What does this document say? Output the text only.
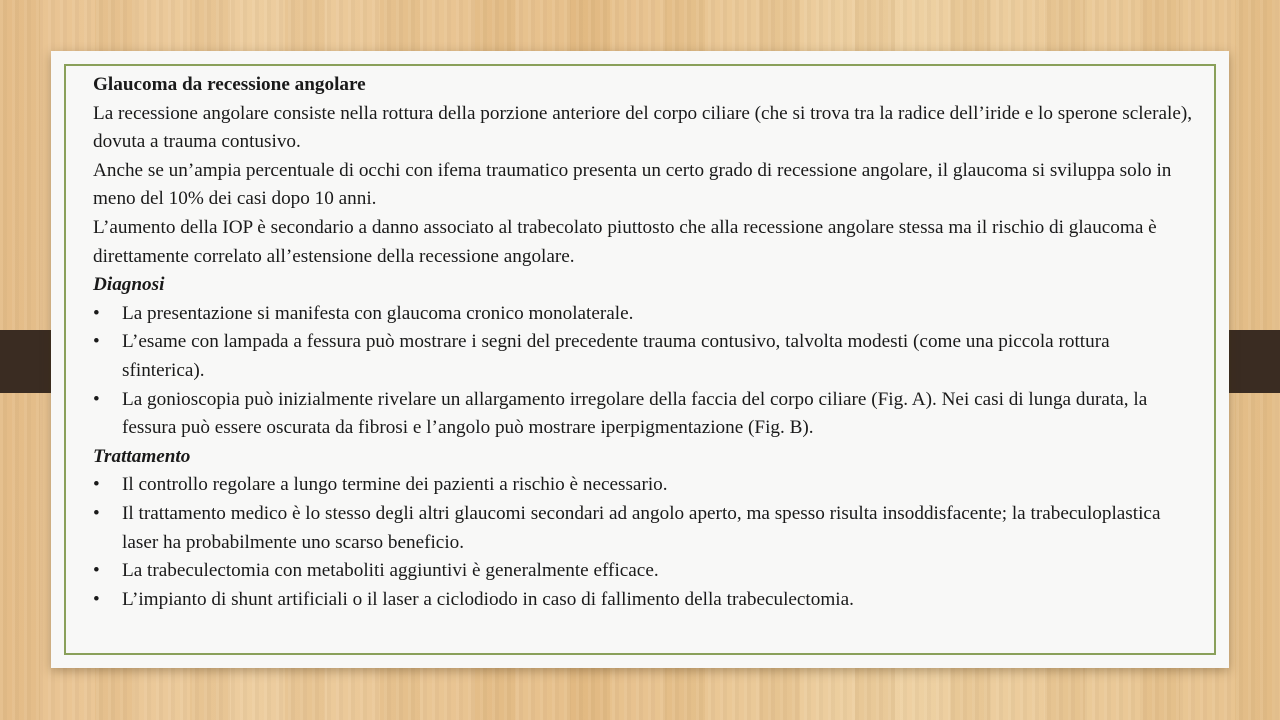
Glaucoma da recessione angolare

La recessione angolare consiste nella rottura della porzione anteriore del corpo ciliare (che si trova tra la radice dell’iride e lo sperone sclerale), dovuta a trauma contusivo.

Anche se un’ampia percentuale di occhi con ifema traumatico presenta un certo grado di recessione angolare, il glaucoma si sviluppa solo in meno del 10% dei casi dopo 10 anni.

L’aumento della IOP è secondario a danno associato al trabecolato piuttosto che alla recessione angolare stessa ma il rischio di glaucoma è direttamente correlato all’estensione della recessione angolare.

Diagnosi

• La presentazione si manifesta con glaucoma cronico monolaterale.
• L’esame con lampada a fessura può mostrare i segni del precedente trauma contusivo, talvolta modesti (come una piccola rottura sfinterica).
• La gonioscopia può inizialmente rivelare un allargamento irregolare della faccia del corpo ciliare (Fig. A). Nei casi di lunga durata, la fessura può essere oscurata da fibrosi e l’angolo può mostrare iperpigmentazione (Fig. B).

Trattamento

• Il controllo regolare a lungo termine dei pazienti a rischio è necessario.
• Il trattamento medico è lo stesso degli altri glaucomi secondari ad angolo aperto, ma spesso risulta insoddisfacente; la trabeculoplastica laser ha probabilmente uno scarso beneficio.
• La trabeculectomia con metaboliti aggiuntivi è generalmente efficace.
• L’impianto di shunt artificiali o il laser a ciclodiodo in caso di fallimento della trabeculectomia.
